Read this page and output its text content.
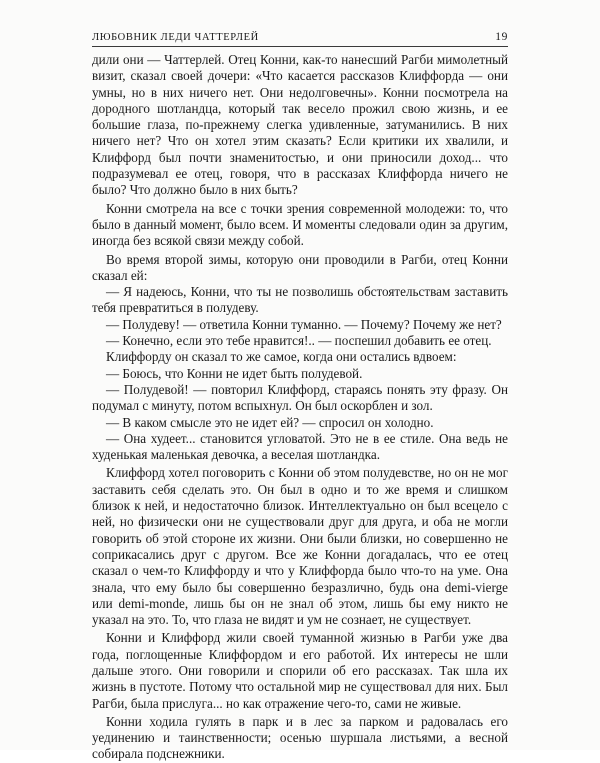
ЛЮБОВНИК ЛЕДИ ЧАТТЕРЛЕЙ	19

дили они — Чаттерлей. Отец Конни, как-то нанесший Рагби мимолетный визит, сказал своей дочери: «Что касается рассказов Клиффорда — они умны, но в них ничего нет. Они недолговечны». Конни посмотрела на дородного шотландца, который так весело прожил свою жизнь, и ее большие глаза, по-прежнему слегка удивленные, затуманились. В них ничего нет? Что он хотел этим сказать? Если критики их хвалили, и Клиффорд был почти знаменитостью, и они приносили доход... что подразумевал ее отец, говоря, что в рассказах Клиффорда ничего не было? Что должно было в них быть?

Конни смотрела на все с точки зрения современной молодежи: то, что было в данный момент, было всем. И моменты следовали один за другим, иногда без всякой связи между собой.

Во время второй зимы, которую они проводили в Рагби, отец Конни сказал ей:

— Я надеюсь, Конни, что ты не позволишь обстоятельствам заставить тебя превратиться в полудеву.

— Полудеву! — ответила Конни туманно. — Почему? Почему же нет?

— Конечно, если это тебе нравится!.. — поспешил добавить ее отец.

Клиффорду он сказал то же самое, когда они остались вдвоем:

— Боюсь, что Конни не идет быть полудевой.

— Полудевой! — повторил Клиффорд, стараясь понять эту фразу. Он подумал с минуту, потом вспыхнул. Он был оскорблен и зол.

— В каком смысле это не идет ей? — спросил он холодно.

— Она худеет... становится угловатой. Это не в ее стиле. Она ведь не худенькая маленькая девочка, а веселая шотландка.

Клиффорд хотел поговорить с Конни об этом полудевстве, но он не мог заставить себя сделать это. Он был в одно и то же время и слишком близок к ней, и недостаточно близок. Интеллектуально он был всецело с ней, но физически они не существовали друг для друга, и оба не могли говорить об этой стороне их жизни. Они были близки, но совершенно не соприкасались друг с другом. Все же Конни догадалась, что ее отец сказал о чем-то Клиффорду и что у Клиффорда было что-то на уме. Она знала, что ему было бы совершенно безразлично, будь она demi-vierge или demi-monde, лишь бы он не знал об этом, лишь бы ему никто не указал на это. То, что глаза не видят и ум не сознает, не существует.

Конни и Клиффорд жили своей туманной жизнью в Рагби уже два года, поглощенные Клиффордом и его работой. Их интересы не шли дальше этого. Они говорили и спорили об его рассказах. Так шла их жизнь в пустоте. Потому что остальной мир не существовал для них. Был Рагби, была прислуга... но как отражение чего-то, сами не живые.

Конни ходила гулять в парк и в лес за парком и радовалась его уединению и таинственности; осенью шуршала листьями, а весной собирала подснежники.
